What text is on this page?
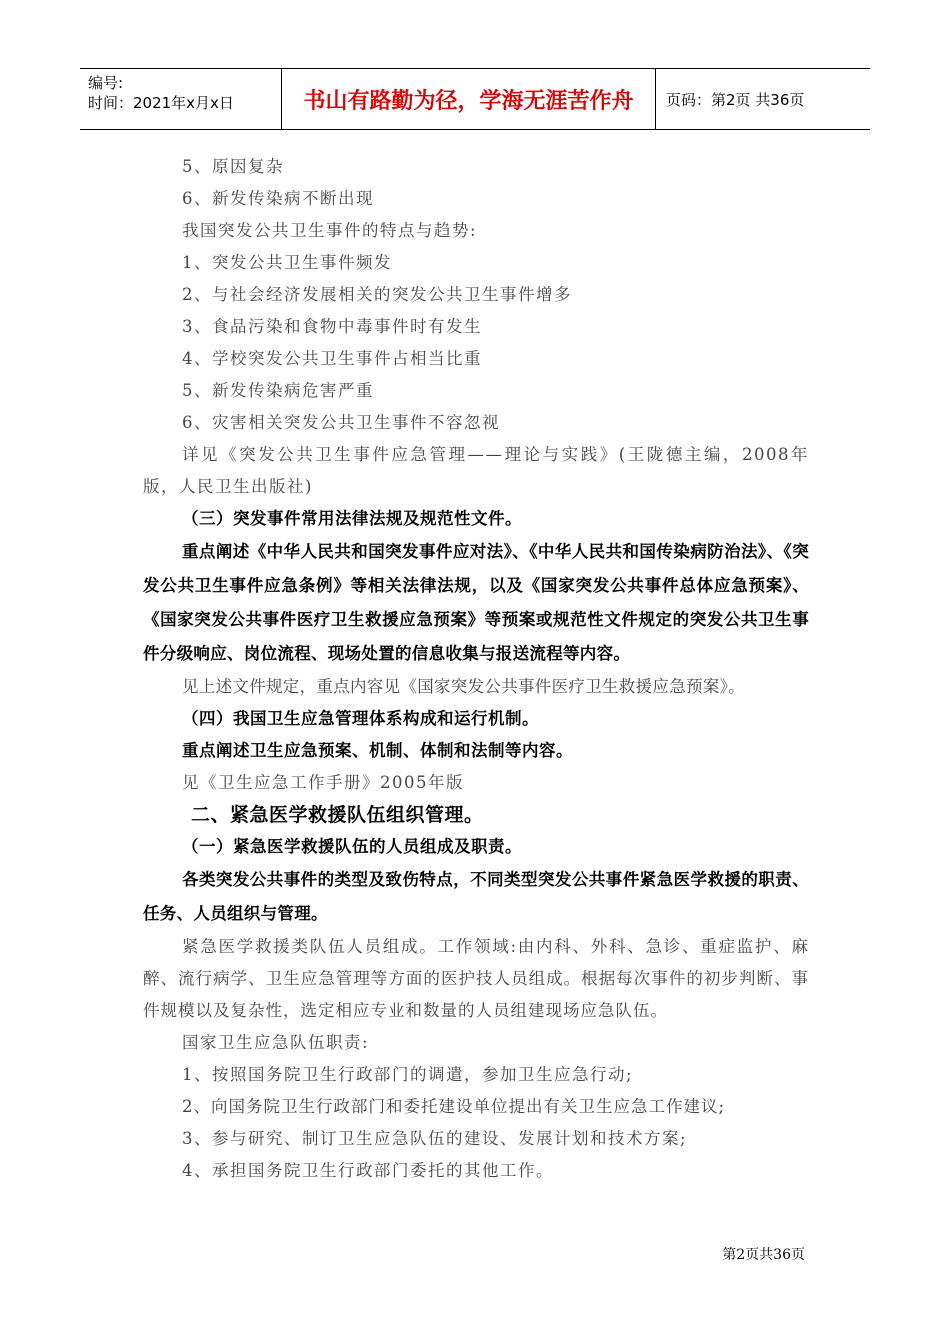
编号:
时间：2021年x月x日	书山有路勤为径，学海无涯苦作舟	页码：第2页 共36页
5、原因复杂
6、新发传染病不断出现
我国突发公共卫生事件的特点与趋势:
1、突发公共卫生事件频发
2、与社会经济发展相关的突发公共卫生事件增多
3、食品污染和食物中毒事件时有发生
4、学校突发公共卫生事件占相当比重
5、新发传染病危害严重
6、灾害相关突发公共卫生事件不容忽视
详见《突发公共卫生事件应急管理——理论与实践》(王陇德主编，2008年版，人民卫生出版社)
（三）突发事件常用法律法规及规范性文件。
重点阐述《中华人民共和国突发事件应对法》、《中华人民共和国传染病防治法》、《突发公共卫生事件应急条例》等相关法律法规，以及《国家突发公共事件总体应急预案》、《国家突发公共事件医疗卫生救援应急预案》等预案或规范性文件规定的突发公共卫生事件分级响应、岗位流程、现场处置的信息收集与报送流程等内容。
见上述文件规定，重点内容见《国家突发公共事件医疗卫生救援应急预案》。
（四）我国卫生应急管理体系构成和运行机制。
重点阐述卫生应急预案、机制、体制和法制等内容。
见《卫生应急工作手册》2005年版
二、紧急医学救援队伍组织管理。
（一）紧急医学救援队伍的人员组成及职责。
各类突发公共事件的类型及致伤特点，不同类型突发公共事件紧急医学救援的职责、任务、人员组织与管理。
紧急医学救援类队伍人员组成。工作领域:由内科、外科、急诊、重症监护、麻醉、流行病学、卫生应急管理等方面的医护技人员组成。根据每次事件的初步判断、事件规模以及复杂性，选定相应专业和数量的人员组建现场应急队伍。
国家卫生应急队伍职责:
1、按照国务院卫生行政部门的调遣，参加卫生应急行动;
2、向国务院卫生行政部门和委托建设单位提出有关卫生应急工作建议;
3、参与研究、制订卫生应急队伍的建设、发展计划和技术方案;
4、承担国务院卫生行政部门委托的其他工作。
第2页共36页
